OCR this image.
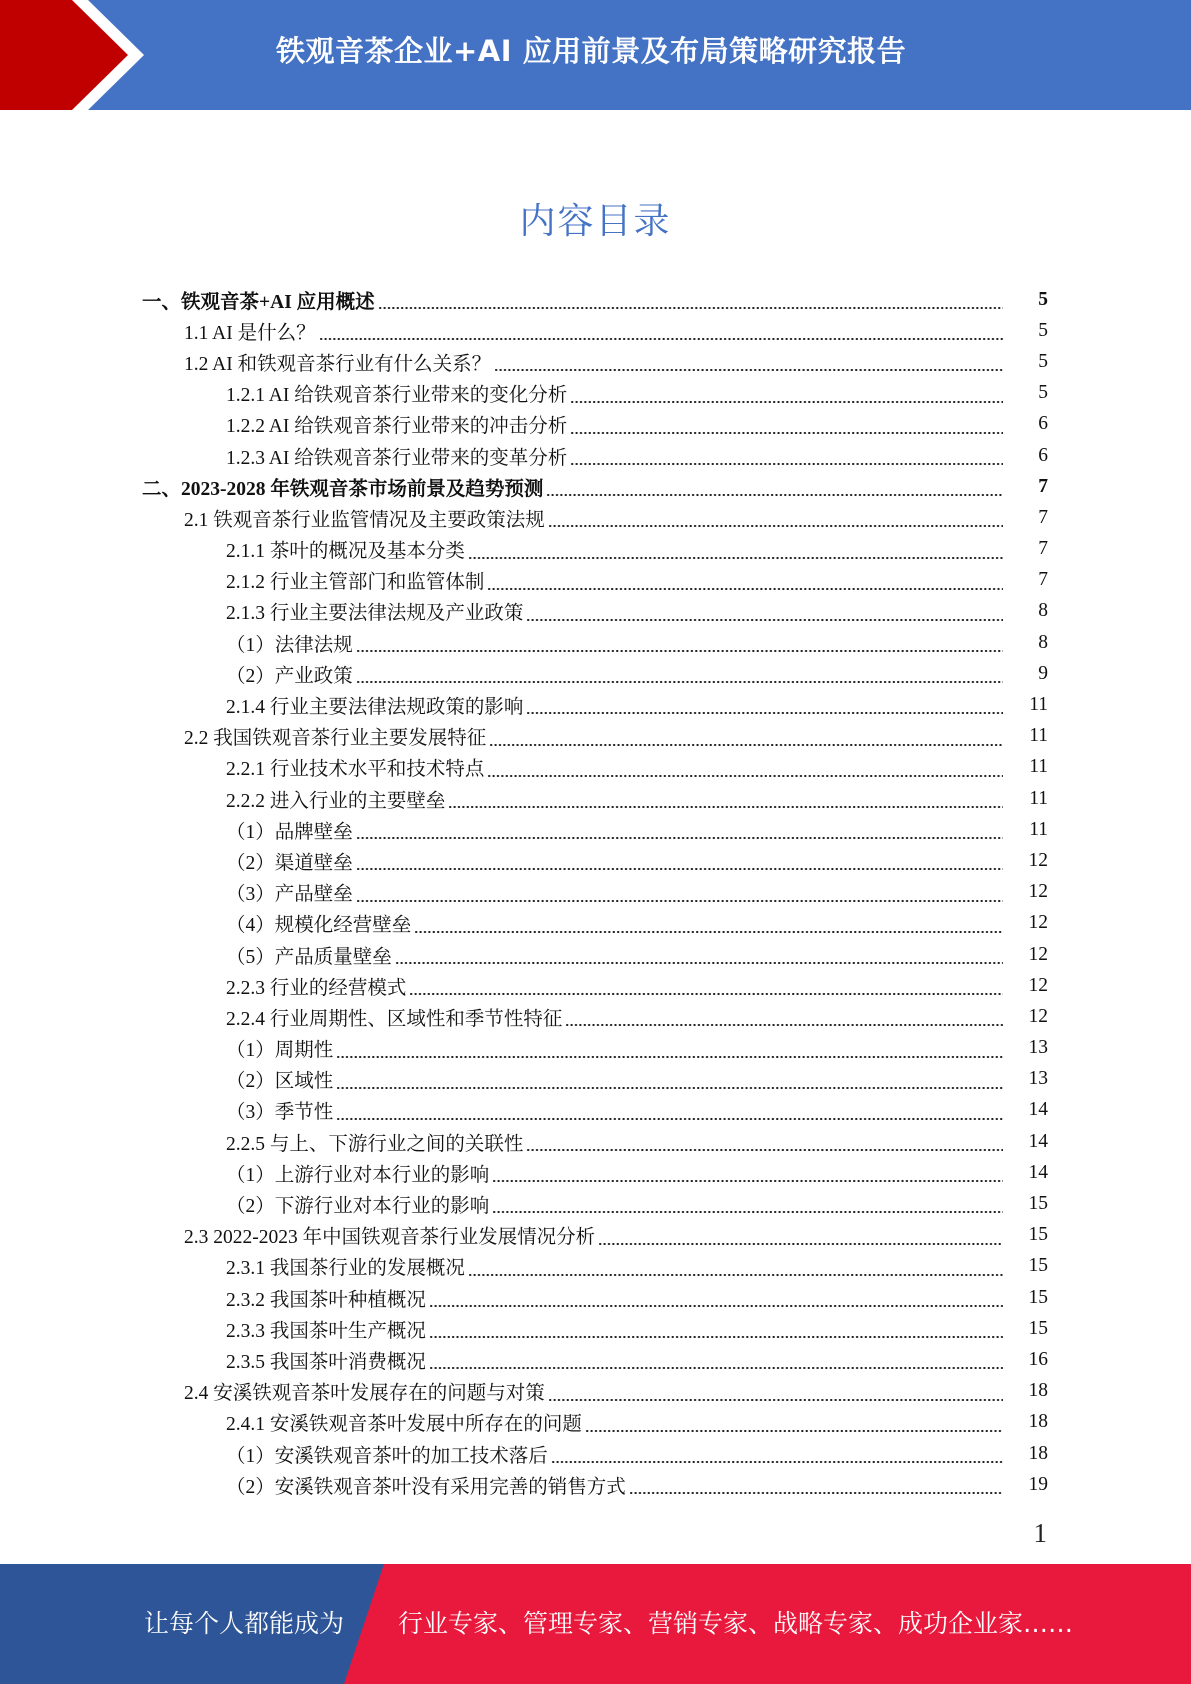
铁观音茶企业+AI 应用前景及布局策略研究报告
内容目录
一、铁观音茶+AI 应用概述	5
1.1 AI 是什么？	5
1.2 AI 和铁观音茶行业有什么关系？	5
1.2.1 AI 给铁观音茶行业带来的变化分析	5
1.2.2 AI 给铁观音茶行业带来的冲击分析	6
1.2.3 AI 给铁观音茶行业带来的变革分析	6
二、2023-2028 年铁观音茶市场前景及趋势预测	7
2.1 铁观音茶行业监管情况及主要政策法规	7
2.1.1 茶叶的概况及基本分类	7
2.1.2 行业主管部门和监管体制	7
2.1.3 行业主要法律法规及产业政策	8
（1）法律法规	8
（2）产业政策	9
2.1.4 行业主要法律法规政策的影响	11
2.2 我国铁观音茶行业主要发展特征	11
2.2.1 行业技术水平和技术特点	11
2.2.2 进入行业的主要壁垒	11
（1）品牌壁垒	11
（2）渠道壁垒	12
（3）产品壁垒	12
（4）规模化经营壁垒	12
（5）产品质量壁垒	12
2.2.3 行业的经营模式	12
2.2.4 行业周期性、区域性和季节性特征	12
（1）周期性	13
（2）区域性	13
（3）季节性	14
2.2.5 与上、下游行业之间的关联性	14
（1）上游行业对本行业的影响	14
（2）下游行业对本行业的影响	15
2.3 2022-2023 年中国铁观音茶行业发展情况分析	15
2.3.1 我国茶行业的发展概况	15
2.3.2 我国茶叶种植概况	15
2.3.3 我国茶叶生产概况	15
2.3.5 我国茶叶消费概况	16
2.4 安溪铁观音茶叶发展存在的问题与对策	18
2.4.1 安溪铁观音茶叶发展中所存在的问题	18
（1）安溪铁观音茶叶的加工技术落后	18
（2）安溪铁观音茶叶没有采用完善的销售方式	19
1
让每个人都能成为 行业专家、管理专家、营销专家、战略专家、成功企业家……
